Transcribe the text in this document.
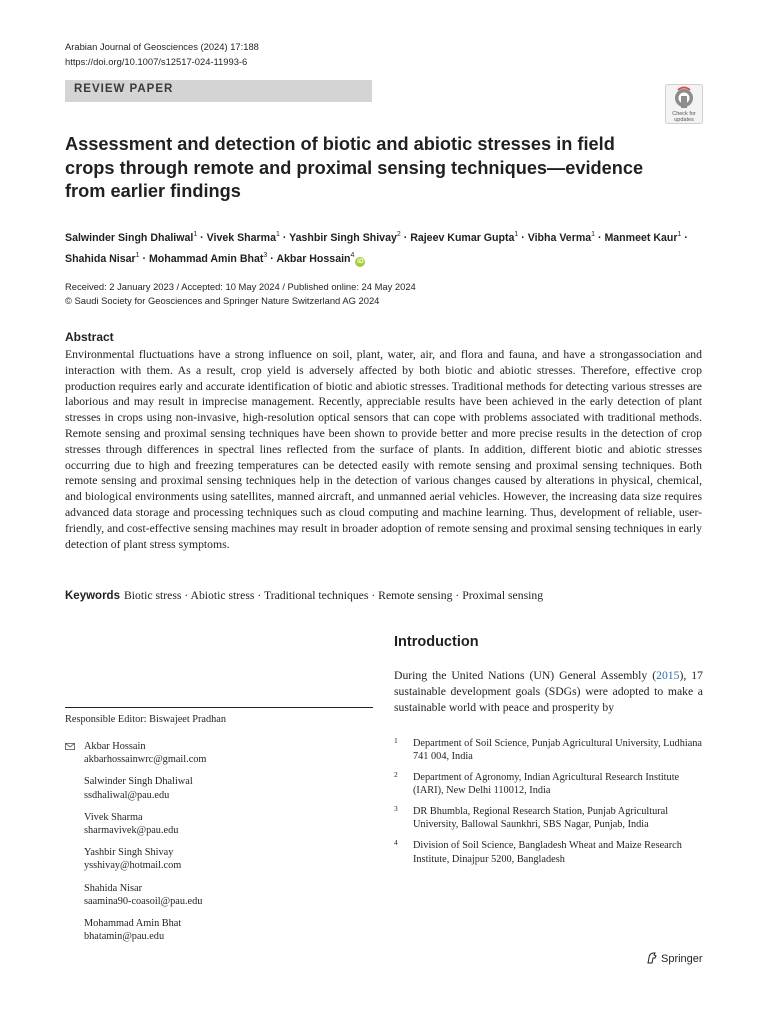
Arabian Journal of Geosciences (2024) 17:188
https://doi.org/10.1007/s12517-024-11993-6
REVIEW PAPER
Check for
updates
Assessment and detection of biotic and abiotic stresses in field crops through remote and proximal sensing techniques—evidence from earlier findings
Salwinder Singh Dhaliwal$^1$ · Vivek Sharma$^1$ · Yashbir Singh Shivay$^2$ · Rajeev Kumar Gupta$^1$ · Vibha Verma$^1$ · Manmeet Kaur$^1$ · Shahida Nisar$^1$ · Mohammad Amin Bhat$^3$ · Akbar Hossain$^4$iD
Received: 2 January 2023 / Accepted: 10 May 2024 / Published online: 24 May 2024
© Saudi Society for Geosciences and Springer Nature Switzerland AG 2024
Abstract

Environmental fluctuations have a strong influence on soil, plant, water, air, and flora and fauna, and have a strongassociation and interaction with them. As a result, crop yield is adversely affected by both biotic and abiotic stresses. Therefore, effective crop production requires early and accurate identification of biotic and abiotic stresses. Traditional methods for detecting various stresses are laborious and may result in imprecise management. Recently, appreciable results have been achieved in the early detection of plant stresses in crops using non-invasive, high-resolution optical sensors that can cope with problems associated with traditional methods. Remote sensing and proximal sensing techniques have been shown to provide better and more precise results in the detection of crop stresses through differences in spectral lines reflected from the surface of plants. In addition, different biotic and abiotic stresses occurring due to high and freezing temperatures can be detected easily with remote sensing and proximal sensing techniques. Both remote sensing and proximal sensing techniques help in the detection of various changes caused by alterations in physical, chemical, and biological environments using satellites, manned aircraft, and unmanned aerial vehicles. However, the increasing data size requires advanced data storage and processing techniques such as cloud computing and machine learning. Thus, development of reliable, user-friendly, and cost-effective sensing machines may result in broader adoption of remote sensing and proximal sensing techniques in early detection of plant stress symptoms.

Keywords Biotic stress · Abiotic stress · Traditional techniques · Remote sensing · Proximal sensing
Introduction

During the United Nations (UN) General Assembly (2015), 17 sustainable development goals (SDGs) were adopted to make a sustainable world with peace and prosperity by

Responsible Editor: Biswajeet Pradhan
Akbar Hossain
akbarhossainwrc@gmail.com
Salwinder Singh Dhaliwal
ssdhaliwal@pau.edu
Vivek Sharma
sharmavivek@pau.edu
Yashbir Singh Shivay
ysshivay@hotmail.com
Shahida Nisar
saamina90-coasoil@pau.edu
Mohammad Amin Bhat
bhatamin@pau.edu
1 Department of Soil Science, Punjab Agricultural University, Ludhiana 741 004, India
2 Department of Agronomy, Indian Agricultural Research Institute (IARI), New Delhi 110012, India
3 DR Bhumbla, Regional Research Station, Punjab Agricultural University, Ballowal Saunkhri, SBS Nagar, Punjab, India
4 Division of Soil Science, Bangladesh Wheat and Maize Research Institute, Dinajpur 5200, Bangladesh
Springer
